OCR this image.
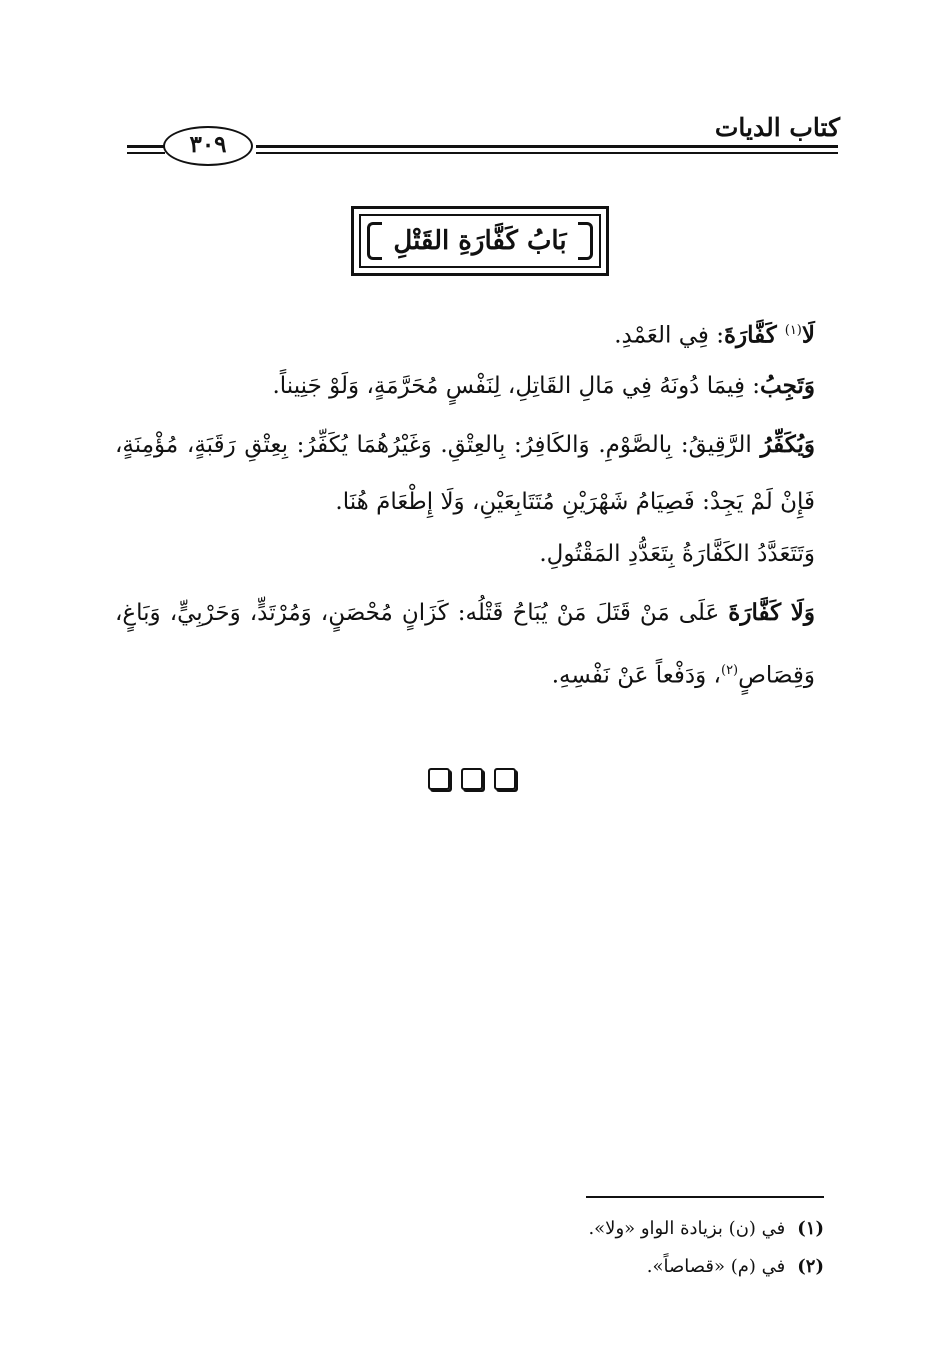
كتاب الديات
٣٠٩
بَابُ كَفَّارَةِ القَتْلِ
لَا$^{(١)}$ كَفَّارَةَ: فِي العَمْدِ.
وَتَجِبُ: فِيمَا دُونَهُ فِي مَالِ القَاتِلِ، لِنَفْسٍ مُحَرَّمَةٍ، وَلَوْ جَنِيناً.
وَيُكَفِّرُ الرَّقِيقُ: بِالصَّوْمِ. وَالكَافِرُ: بِالعِتْقِ. وَغَيْرُهُمَا يُكَفِّرُ: بِعِتْقِ رَقَبَةٍ، مُؤْمِنَةٍ، فَإِنْ لَمْ يَجِدْ: فَصِيَامُ شَهْرَيْنِ مُتَتَابِعَيْنِ، وَلَا إِطْعَامَ هُنَا.
وَتَتَعَدَّدُ الكَفَّارَةُ بِتَعَدُّدِ المَقْتُولِ.
وَلَا كَفَّارَةَ عَلَى مَنْ قَتَلَ مَنْ يُبَاحُ قَتْلُه: كَزَانٍ مُحْصَنٍ، وَمُرْتَدٍّ، وَحَرْبِيٍّ، وَبَاغٍ، وَقِصَاصٍ$^{(٢)}$، وَدَفْعاً عَنْ نَفْسِهِ.
(١)في (ن) بزيادة الواو «ولا».
(٢)في (م) «قصاصاً».
